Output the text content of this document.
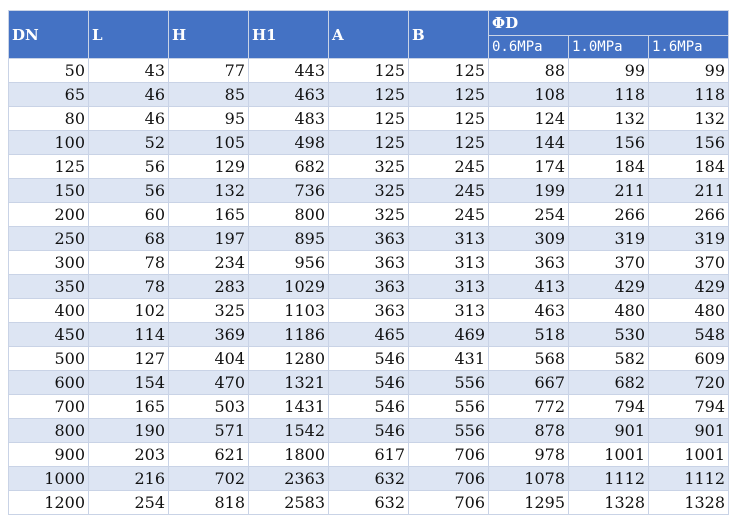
DN	L	H	H1	A	B	ΦD		
						0.6MPa	1.0MPa	1.6MPa
50	43	77	443	125	125	88	99	99
65	46	85	463	125	125	108	118	118
80	46	95	483	125	125	124	132	132
100	52	105	498	125	125	144	156	156
125	56	129	682	325	245	174	184	184
150	56	132	736	325	245	199	211	211
200	60	165	800	325	245	254	266	266
250	68	197	895	363	313	309	319	319
300	78	234	956	363	313	363	370	370
350	78	283	1029	363	313	413	429	429
400	102	325	1103	363	313	463	480	480
450	114	369	1186	465	469	518	530	548
500	127	404	1280	546	431	568	582	609
600	154	470	1321	546	556	667	682	720
700	165	503	1431	546	556	772	794	794
800	190	571	1542	546	556	878	901	901
900	203	621	1800	617	706	978	1001	1001
1000	216	702	2363	632	706	1078	1112	1112
1200	254	818	2583	632	706	1295	1328	1328
